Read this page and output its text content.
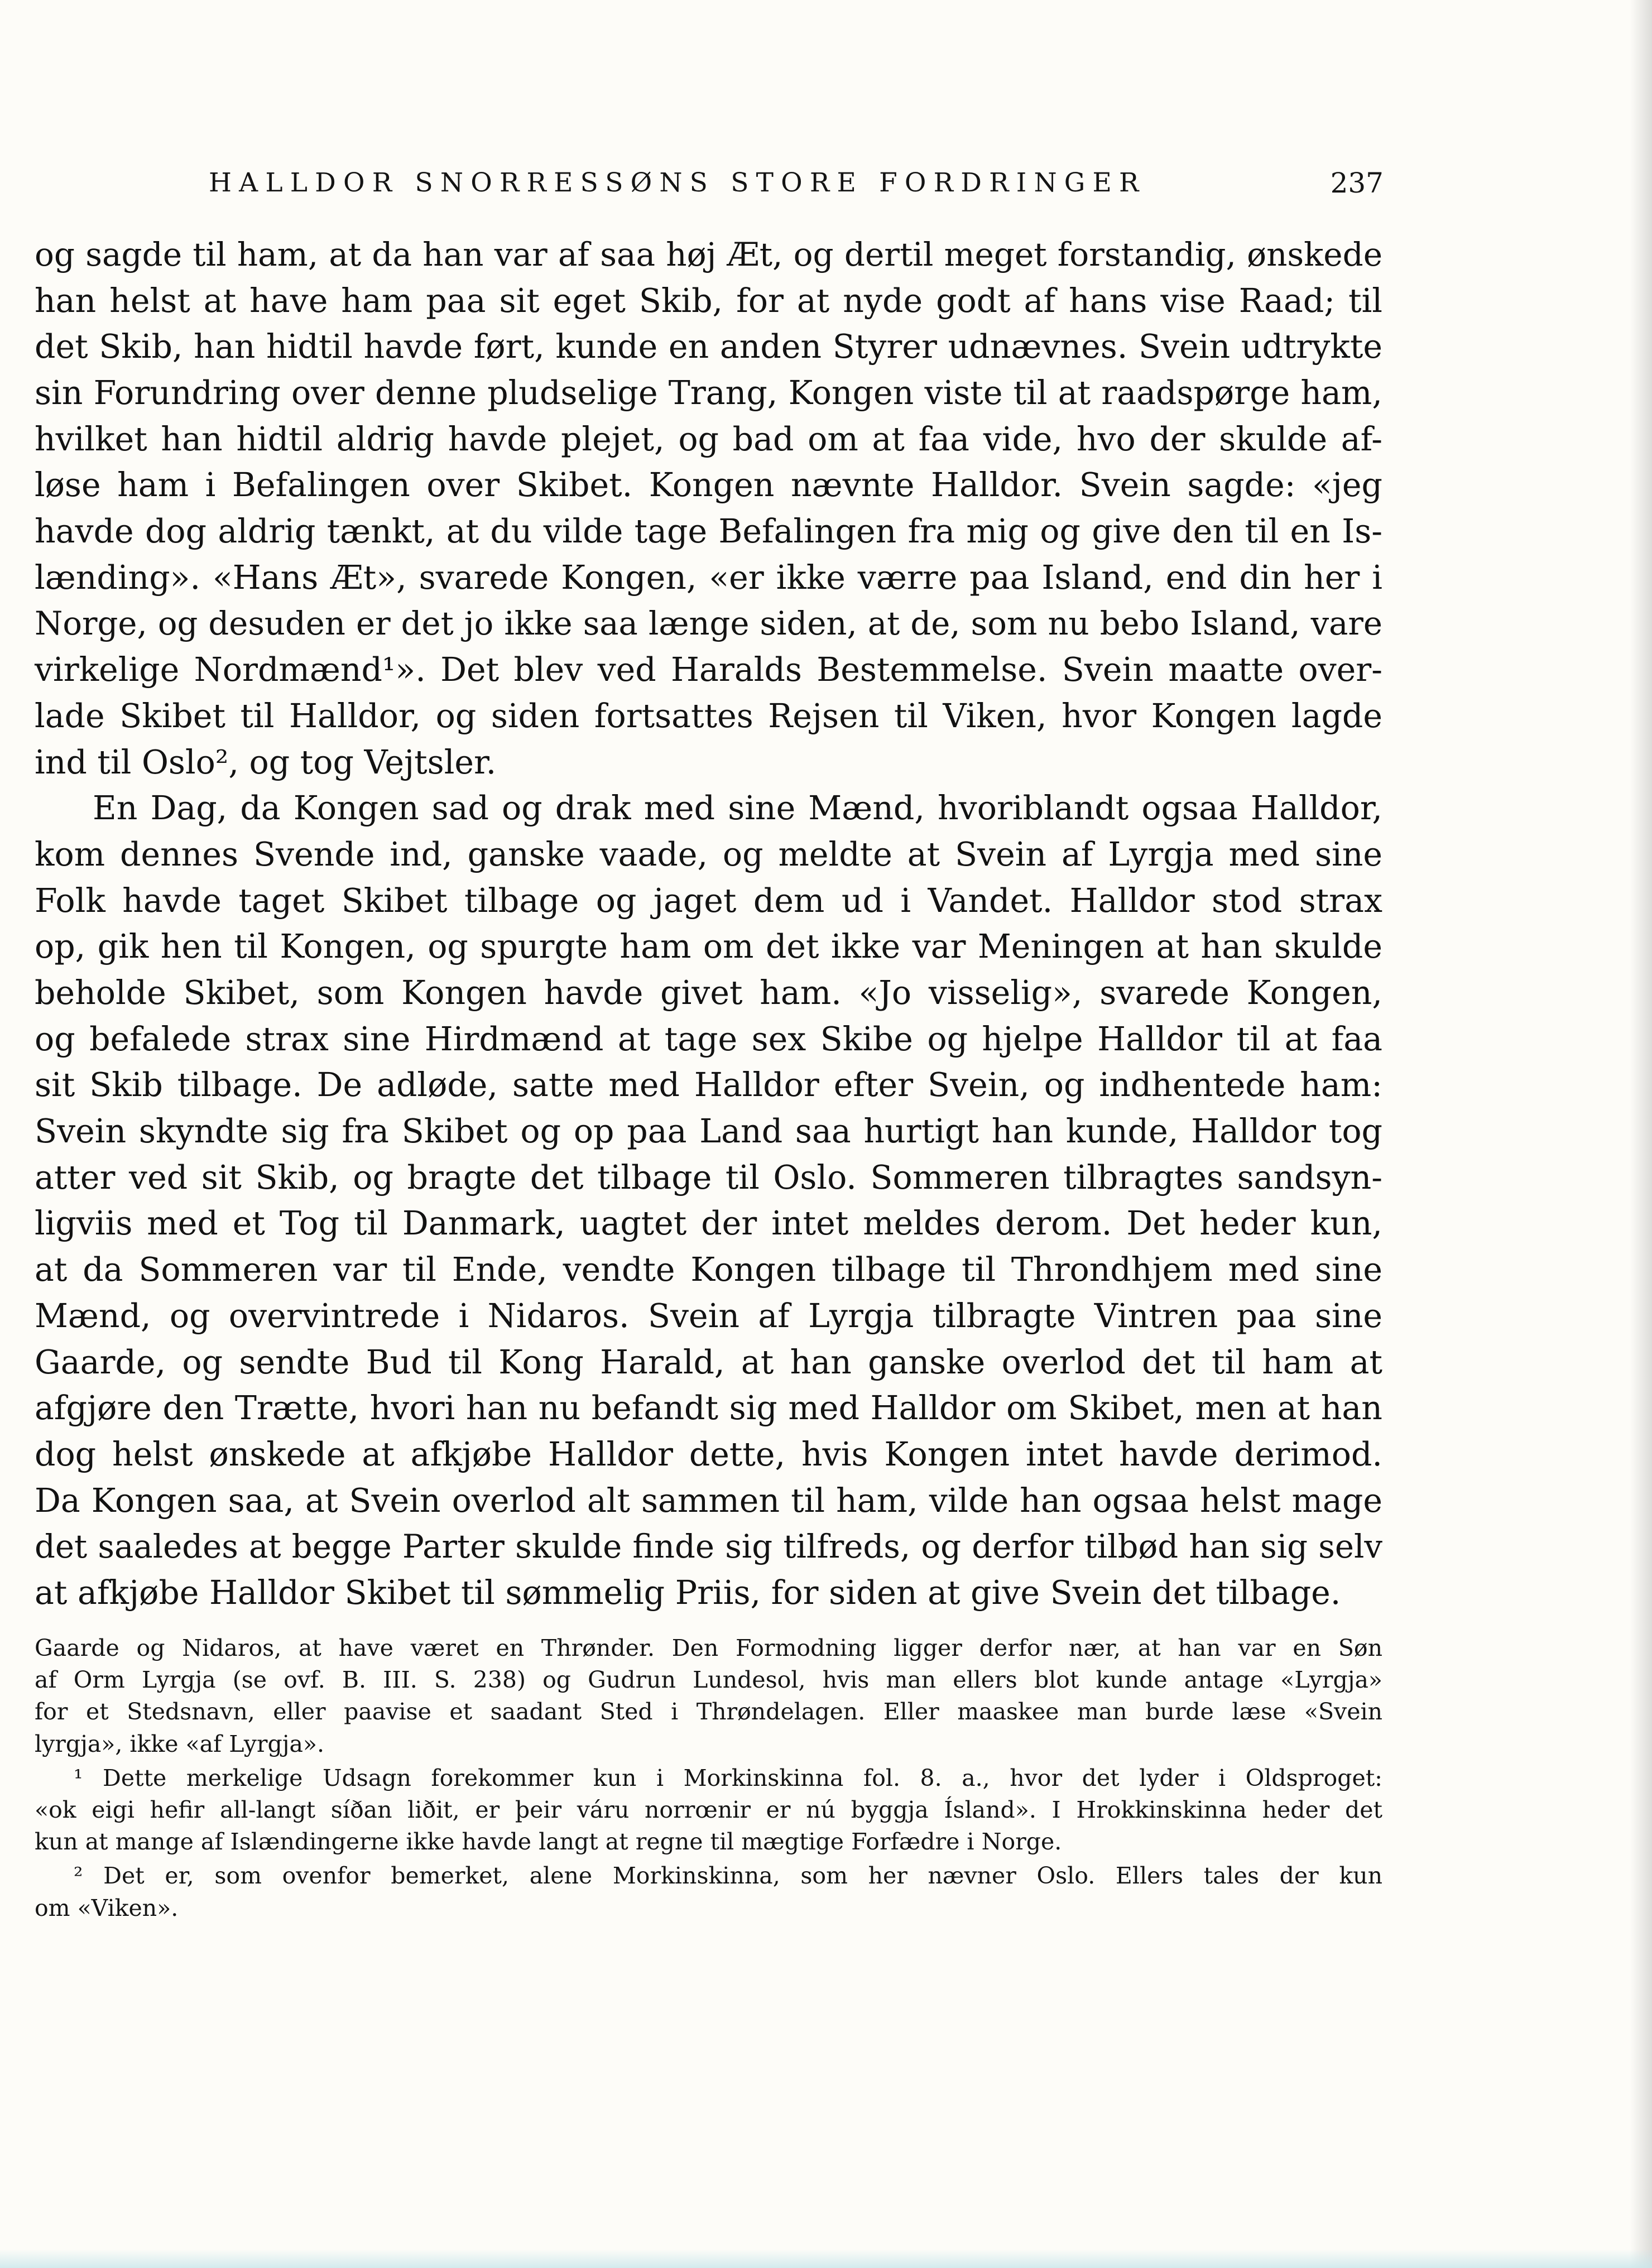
HALLDOR SNORRESSØNS STORE FORDRINGER	237
og sagde til ham, at da han var af saa høj Æt, og dertil meget forstandig, ønskede
han helst at have ham paa sit eget Skib, for at nyde godt af hans vise Raad; til
det Skib, han hidtil havde ført, kunde en anden Styrer udnævnes. Svein udtrykte
sin Forundring over denne pludselige Trang, Kongen viste til at raadspørge ham,
hvilket han hidtil aldrig havde plejet, og bad om at faa vide, hvo der skulde af-
løse ham i Befalingen over Skibet. Kongen nævnte Halldor. Svein sagde: «jeg
havde dog aldrig tænkt, at du vilde tage Befalingen fra mig og give den til en Is-
lænding». «Hans Æt», svarede Kongen, «er ikke værre paa Island, end din her i
Norge, og desuden er det jo ikke saa længe siden, at de, som nu bebo Island, vare
virkelige Nordmænd¹». Det blev ved Haralds Bestemmelse. Svein maatte over-
lade Skibet til Halldor, og siden fortsattes Rejsen til Viken, hvor Kongen lagde
ind til Oslo², og tog Vejtsler.
En Dag, da Kongen sad og drak med sine Mænd, hvoriblandt ogsaa Halldor,
kom dennes Svende ind, ganske vaade, og meldte at Svein af Lyrgja med sine
Folk havde taget Skibet tilbage og jaget dem ud i Vandet. Halldor stod strax
op, gik hen til Kongen, og spurgte ham om det ikke var Meningen at han skulde
beholde Skibet, som Kongen havde givet ham. «Jo visselig», svarede Kongen,
og befalede strax sine Hirdmænd at tage sex Skibe og hjelpe Halldor til at faa
sit Skib tilbage. De adlødе, satte med Halldor efter Svein, og indhentede ham:
Svein skyndte sig fra Skibet og op paa Land saa hurtigt han kunde, Halldor tog
atter ved sit Skib, og bragte det tilbage til Oslo. Sommeren tilbragtes sandsyn-
ligviis med et Tog til Danmark, uagtet der intet meldes derom. Det heder kun,
at da Sommeren var til Ende, vendte Kongen tilbage til Throndhjem med sine
Mænd, og overvintrede i Nidaros. Svein af Lyrgja tilbragte Vintren paa sine
Gaarde, og sendte Bud til Kong Harald, at han ganske overlod det til ham at
afgjøre den Trætte, hvori han nu befandt sig med Halldor om Skibet, men at han
dog helst ønskede at afkjøbe Halldor dette, hvis Kongen intet havde derimod.
Da Kongen saa, at Svein overlod alt sammen til ham, vilde han ogsaa helst mage
det saaledes at begge Parter skulde finde sig tilfreds, og derfor tilbød han sig selv
at afkjøbe Halldor Skibet til sømmelig Priis, for siden at give Svein det tilbage.
Gaarde og Nidaros, at have været en Thrønder. Den Formodning ligger derfor nær, at han var en Søn
af Orm Lyrgja (se ovf. B. III. S. 238) og Gudrun Lundesol, hvis man ellers blot kunde antage «Lyrgja»
for et Stedsnavn, eller paavise et saadant Sted i Thrøndelagen. Eller maaskee man burde læse «Svein
lyrgja», ikke «af Lyrgja».
¹ Dette merkelige Udsagn forekommer kun i Morkinskinna fol. 8. a., hvor det lyder i Oldsproget:
«ok eigi hefir all-langt síðan liðit, er þeir váru norrœnir er nú byggja Ísland». I Hrokkinskinna heder det
kun at mange af Islændingerne ikke havde langt at regne til mægtige Forfædre i Norge.
² Det er, som ovenfor bemerket, alene Morkinskinna, som her nævner Oslo. Ellers tales der kun
om «Viken».
